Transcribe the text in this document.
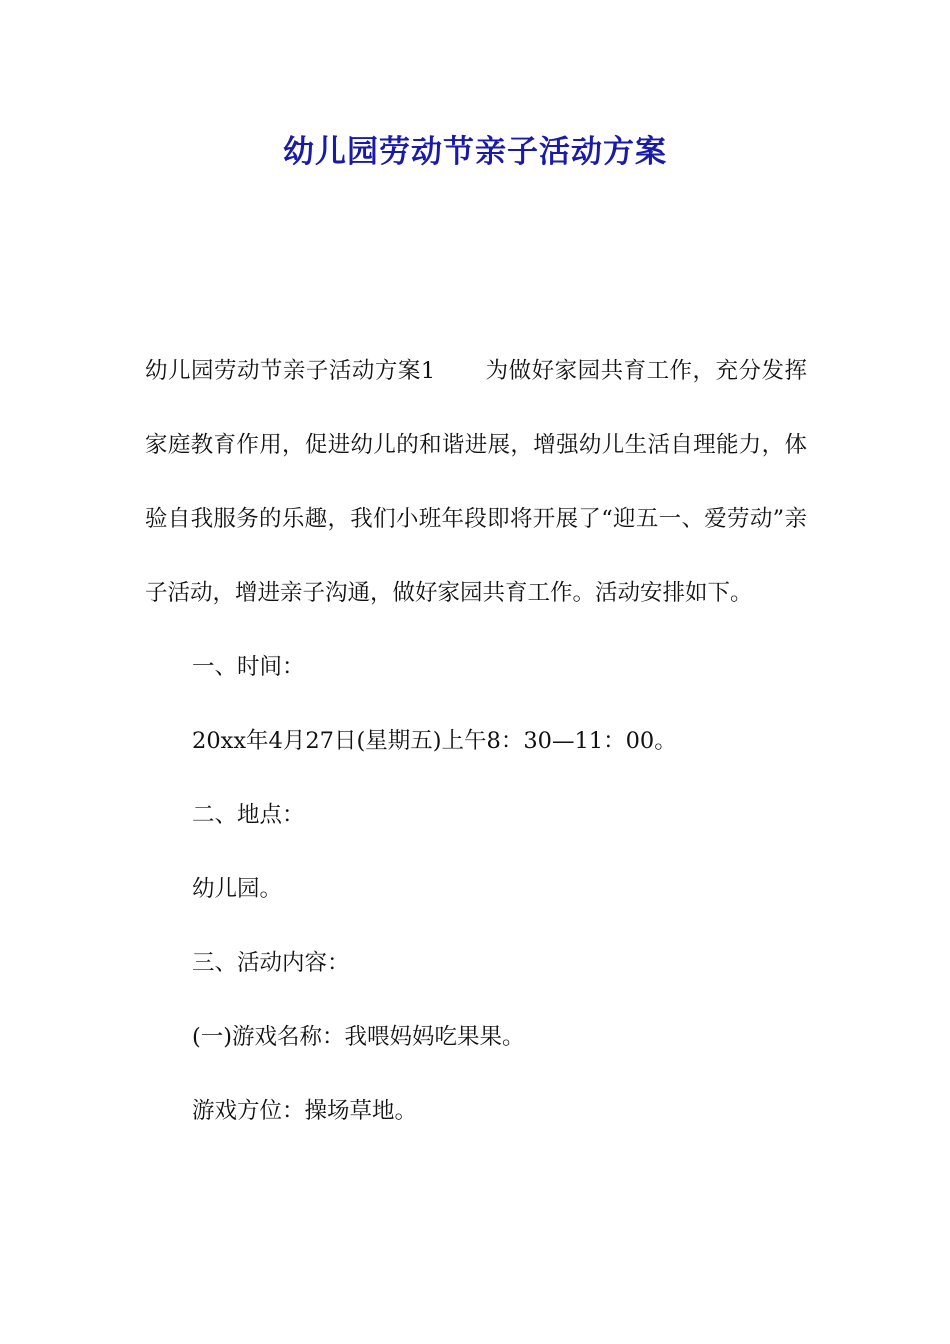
幼儿园劳动节亲子活动方案

幼儿园劳动节亲子活动方案1 为做好家园共育工作，充分发挥家庭教育作用，促进幼儿的和谐进展，增强幼儿生活自理能力，体验自我服务的乐趣，我们小班年段即将开展了“迎五一、爱劳动”亲子活动，增进亲子沟通，做好家园共育工作。活动安排如下。

一、时间：

20xx年4月27日(星期五)上午8：30—11：00。

二、地点：

幼儿园。

三、活动内容：

(一)游戏名称：我喂妈妈吃果果。

游戏方位：操场草地。
